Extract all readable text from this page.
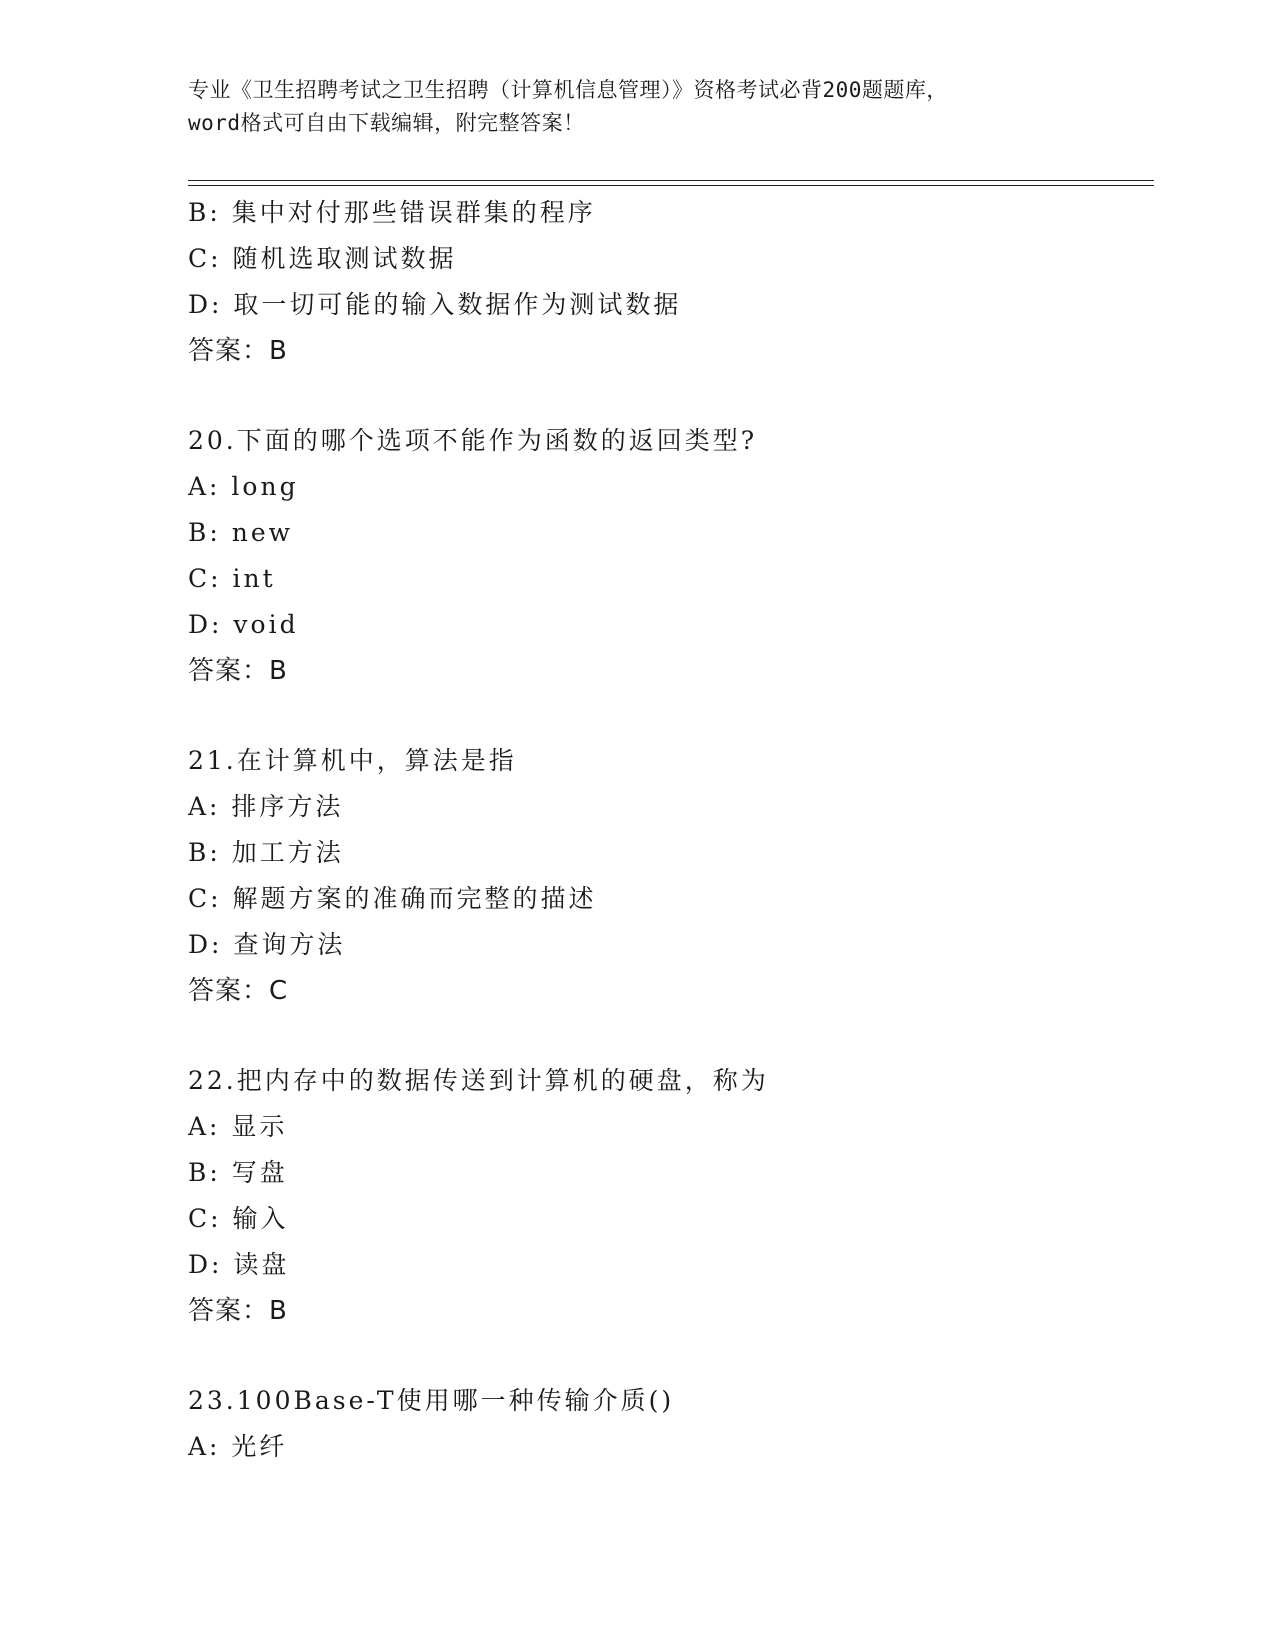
专业《卫生招聘考试之卫生招聘（计算机信息管理）》资格考试必背200题题库，
word格式可自由下载编辑，附完整答案！
B: 集中对付那些错误群集的程序
C: 随机选取测试数据
D: 取一切可能的输入数据作为测试数据
答案：B
20.下面的哪个选项不能作为函数的返回类型?
A: long
B: new
C: int
D: void
答案：B
21.在计算机中，算法是指
A: 排序方法
B: 加工方法
C: 解题方案的准确而完整的描述
D: 查询方法
答案：C
22.把内存中的数据传送到计算机的硬盘，称为
A: 显示
B: 写盘
C: 输入
D: 读盘
答案：B
23.100Base-T使用哪一种传输介质()
A: 光纤
